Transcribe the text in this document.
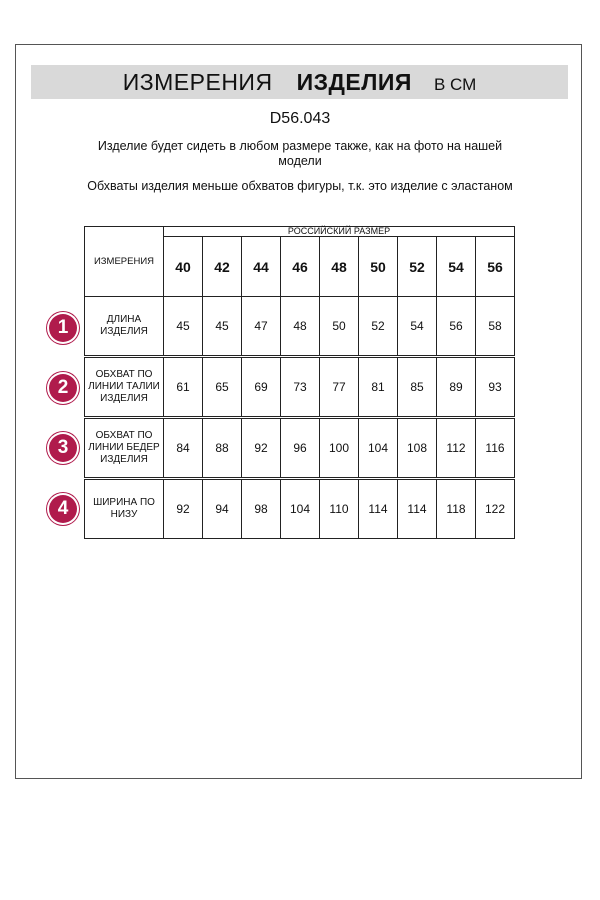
ИЗМЕРЕНИЯ ИЗДЕЛИЯ В СМ
D56.043
Изделие будет сидеть в любом размере также, как на фото на нашей модели
Обхваты изделия меньше обхватов фигуры, т.к. это изделие с эластаном
ИЗМЕРЕНИЯ	РОССИЙСКИЙ РАЗМЕР								
	40	42	44	46	48	50	52	54	56
ДЛИНА ИЗДЕЛИЯ	45	45	47	48	50	52	54	56	58

ОБХВАТ ПО ЛИНИИ ТАЛИИ ИЗДЕЛИЯ	61	65	69	73	77	81	85	89	93

ОБХВАТ ПО ЛИНИИ БЕДЕР ИЗДЕЛИЯ	84	88	92	96	100	104	108	112	116

ШИРИНА ПО НИЗУ	92	94	98	104	110	114	114	118	122
1
2
3
4
